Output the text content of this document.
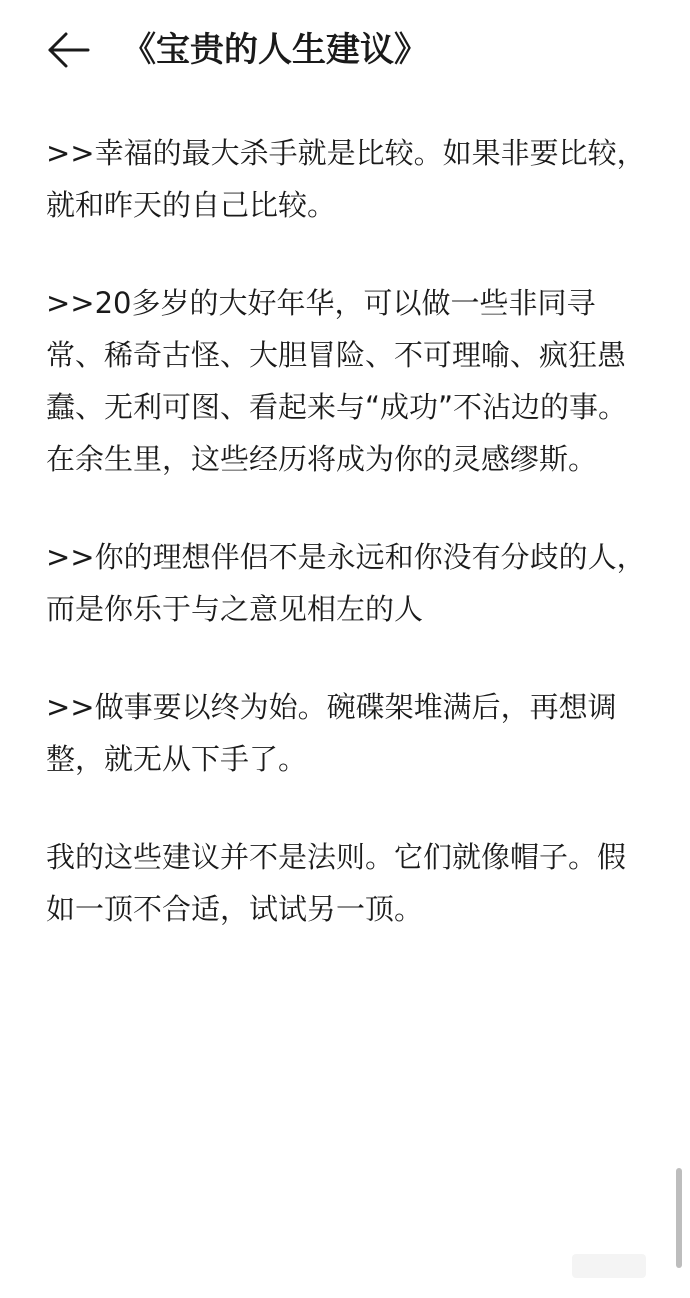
《宝贵的人生建议》

>>幸福的最大杀手就是比较。如果非要比较，就和昨天的自己比较。

>>20多岁的大好年华，可以做一些非同寻常、稀奇古怪、大胆冒险、不可理喻、疯狂愚蠢、无利可图、看起来与“成功”不沾边的事。在余生里，这些经历将成为你的灵感缪斯。

>>你的理想伴侣不是永远和你没有分歧的人，而是你乐于与之意见相左的人

>>做事要以终为始。碗碟架堆满后，再想调整，就无从下手了。

我的这些建议并不是法则。它们就像帽子。假如一顶不合适，试试另一顶。
